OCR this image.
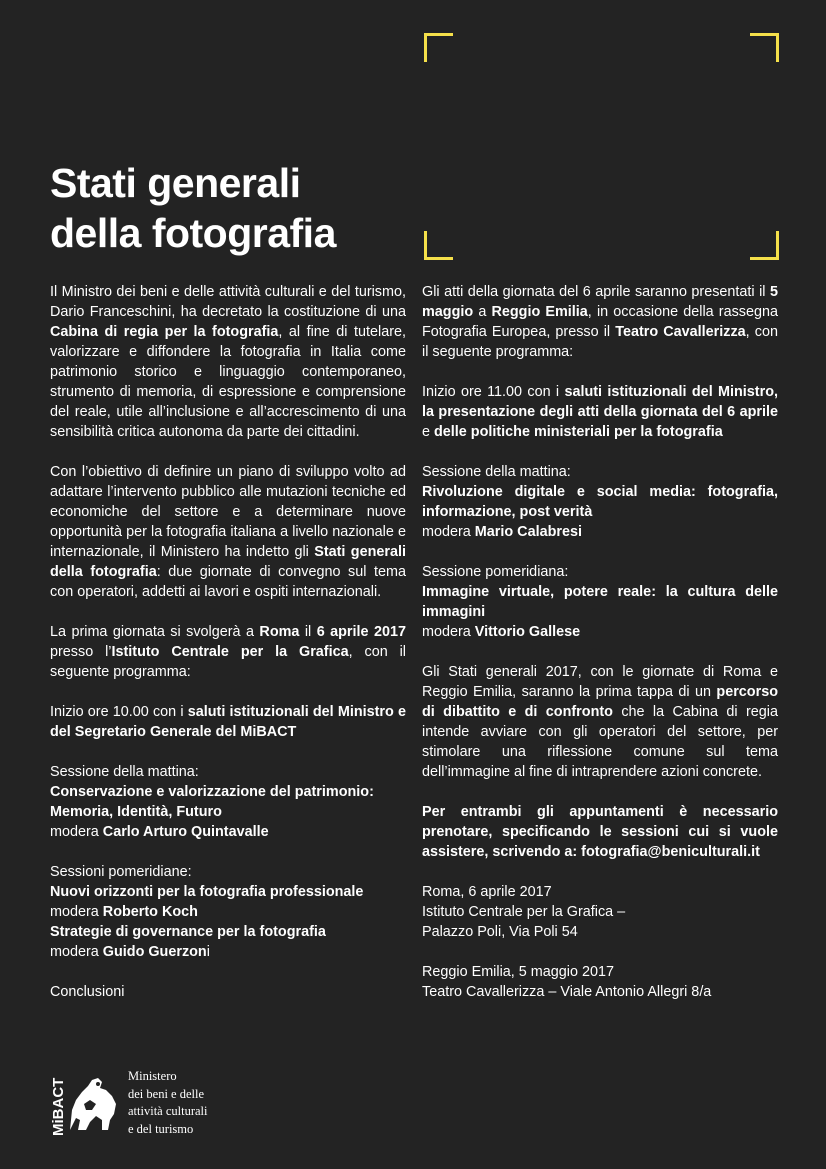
Stati generali
della fotografia

Il Ministro dei beni e delle attività culturali e del turismo, Dario Franceschini, ha decretato la costituzione di una Cabina di regia per la fotografia, al fine di tutelare, valorizzare e diffondere la fotografia in Italia come patrimonio storico e linguaggio contemporaneo, strumento di memoria, di espressione e comprensione del reale, utile all’inclusione e all’accrescimento di una sensibilità critica autonoma da parte dei cittadini.

Con l’obiettivo di definire un piano di sviluppo volto ad adattare l’intervento pubblico alle mutazioni tecniche ed economiche del settore e a determinare nuove opportunità per la fotografia italiana a livello nazionale e internazionale, il Ministero ha indetto gli Stati generali della fotografia: due giornate di convegno sul tema con operatori, addetti ai lavori e ospiti internazionali.

La prima giornata si svolgerà a Roma il 6 aprile 2017 presso l’Istituto Centrale per la Grafica, con il seguente programma:

Inizio ore 10.00 con i saluti istituzionali del Ministro e del Segretario Generale del MiBACT

Sessione della mattina:
Conservazione e valorizzazione del patrimonio:
Memoria, Identità, Futuro
modera Carlo Arturo Quintavalle

Sessioni pomeridiane:
Nuovi orizzonti per la fotografia professionale
modera Roberto Koch
Strategie di governance per la fotografia
modera Guido Guerzoni

Conclusioni

Gli atti della giornata del 6 aprile saranno presentati il 5 maggio a Reggio Emilia, in occasione della rassegna Fotografia Europea, presso il Teatro Cavallerizza, con il seguente programma:

Inizio ore 11.00 con i saluti istituzionali del Ministro, la presentazione degli atti della giornata del 6 aprile e delle politiche ministeriali per la fotografia

Sessione della mattina:
Rivoluzione digitale e social media: fotografia, informazione, post verità
modera Mario Calabresi

Sessione pomeridiana:
Immagine virtuale, potere reale: la cultura delle immagini
modera Vittorio Gallese

Gli Stati generali 2017, con le giornate di Roma e Reggio Emilia, saranno la prima tappa di un percorso di dibattito e di confronto che la Cabina di regia intende avviare con gli operatori del settore, per stimolare una riflessione comune sul tema dell’immagine al fine di intraprendere azioni concrete.

Per entrambi gli appuntamenti è necessario prenotare, specificando le sessioni cui si vuole assistere, scrivendo a: fotografia@beniculturali.it

Roma, 6 aprile 2017
Istituto Centrale per la Grafica –
Palazzo Poli, Via Poli 54

Reggio Emilia, 5 maggio 2017
Teatro Cavallerizza – Viale Antonio Allegri 8/a

MiBACT
Ministero
dei beni e delle
attività culturali
e del turismo
